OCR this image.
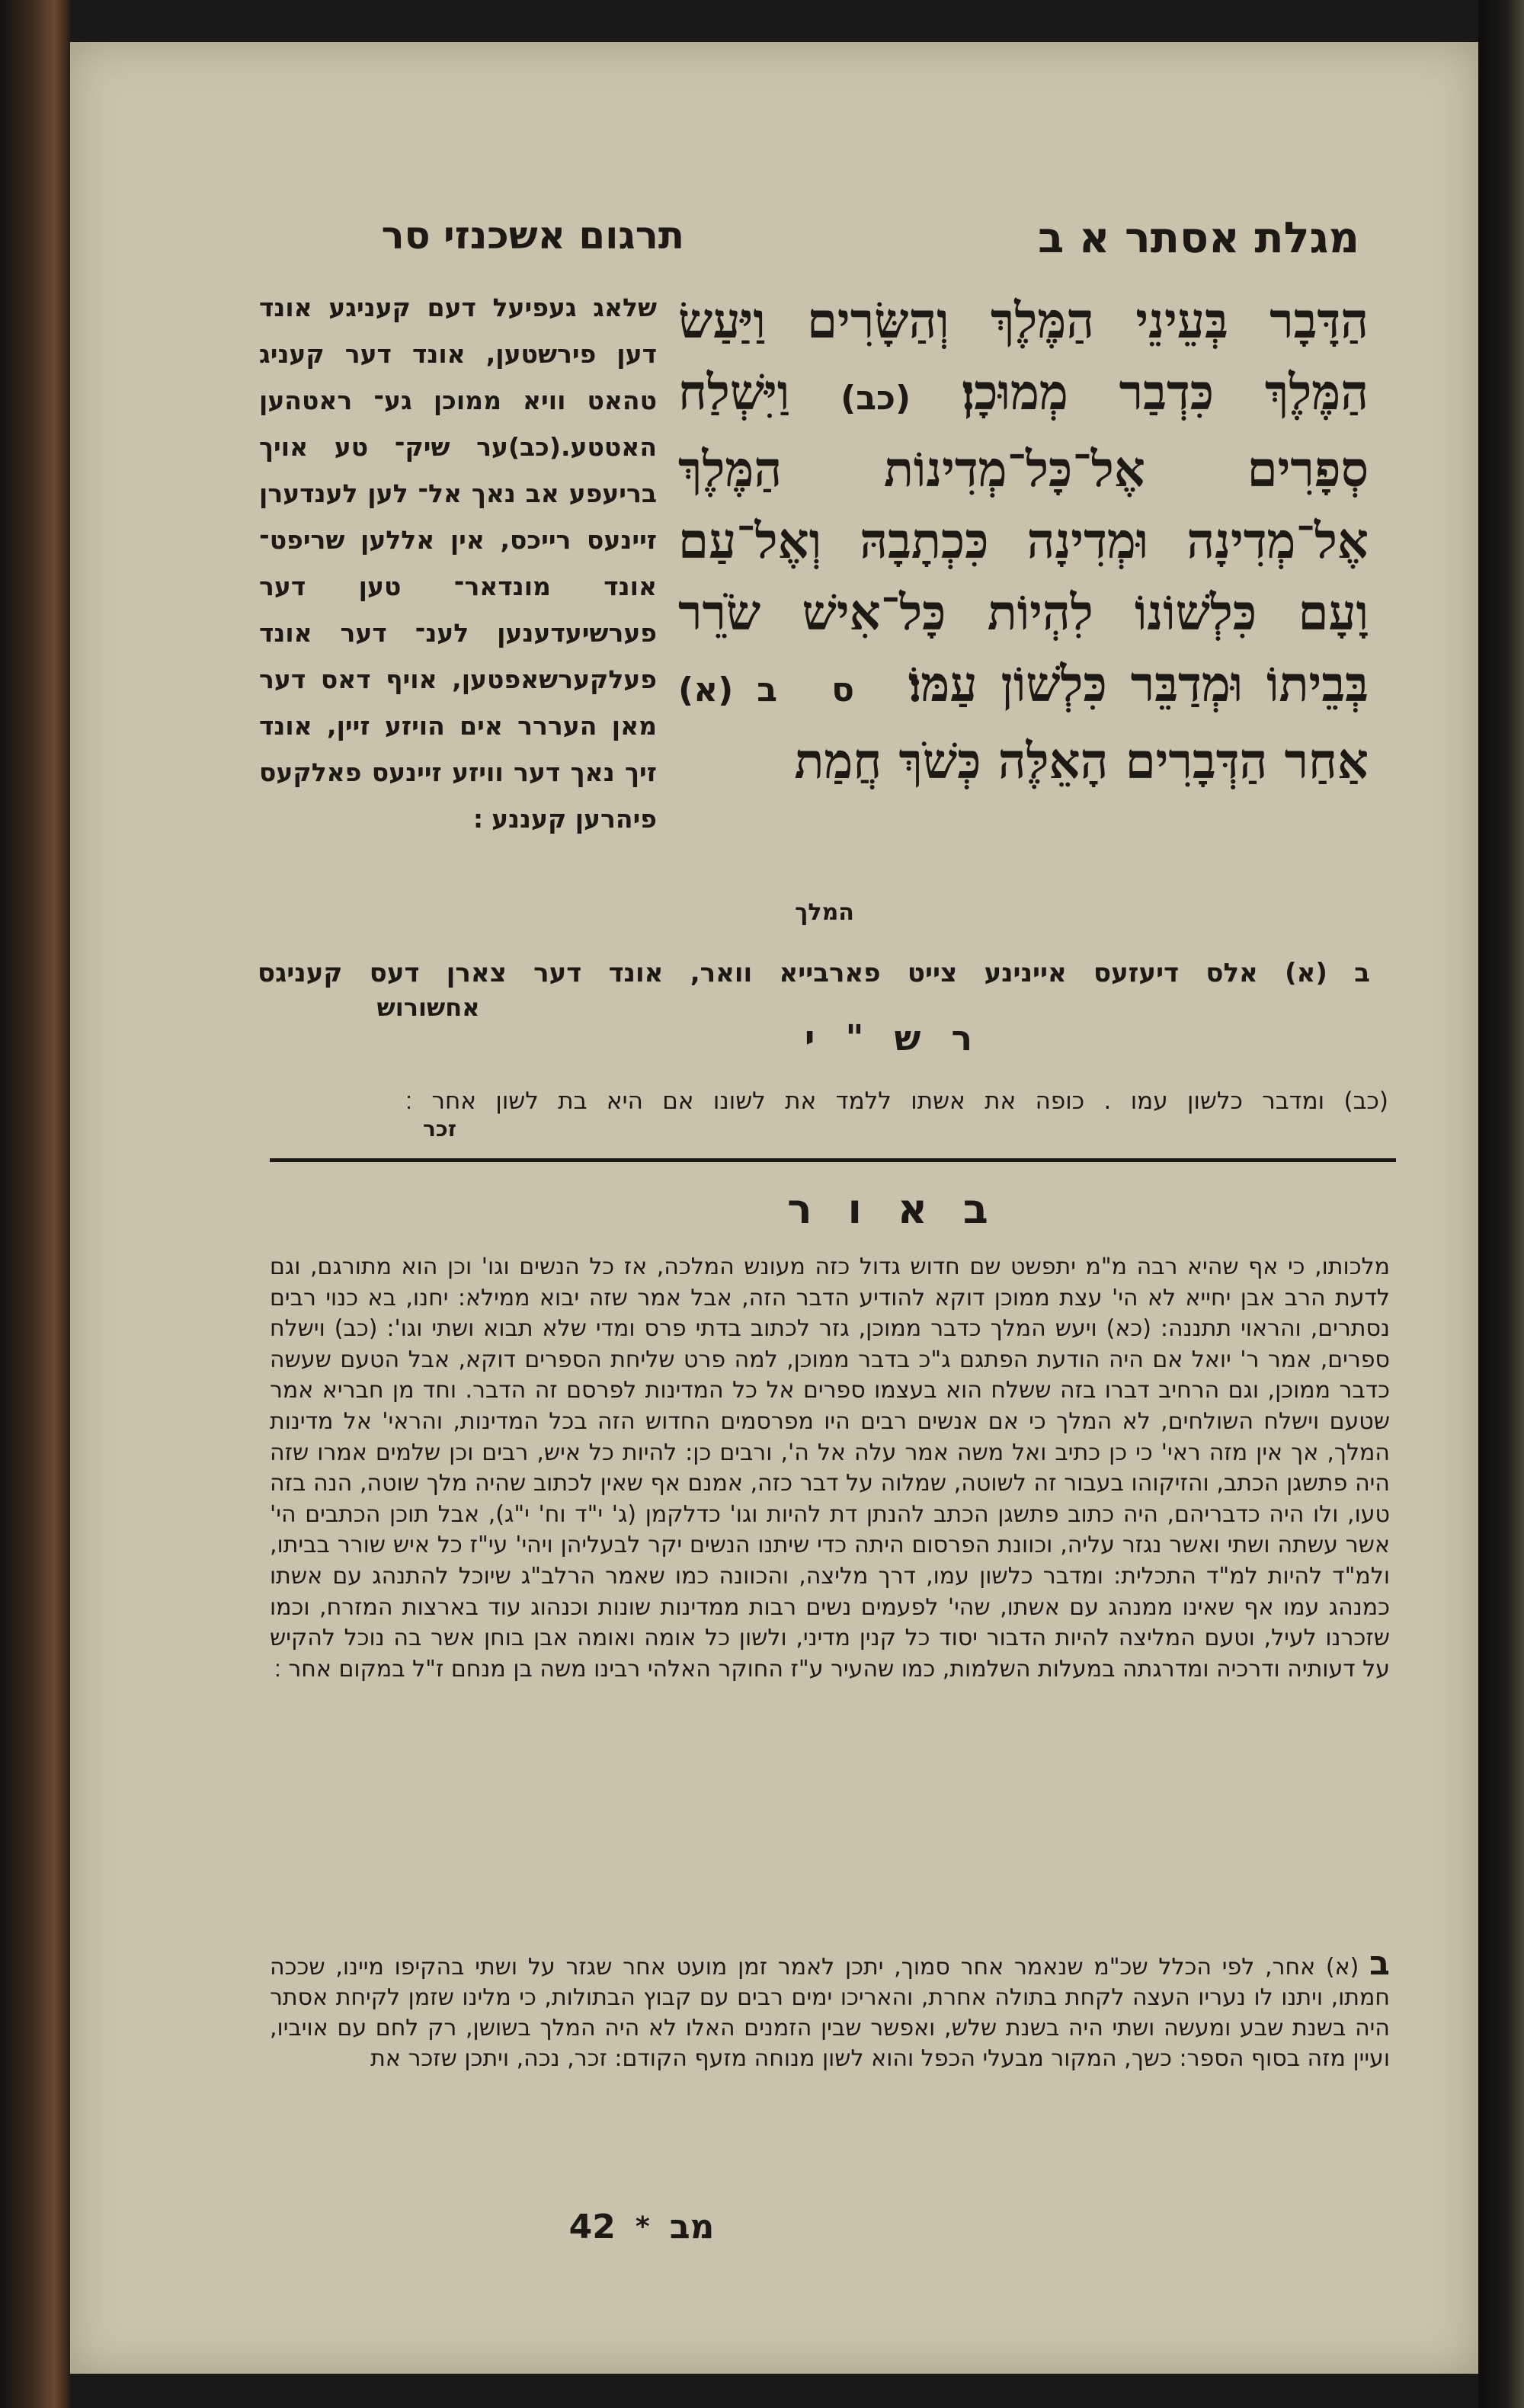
מגלת אסתר א ב
תרגום אשכנזי סר
הַדָּבָר בְּעֵינֵי הַמֶּלֶךְ וְהַשָּׂרִים וַיַּעַשׂ הַמֶּלֶךְ כִּדְבַר מְמוּכָן׃ (כב) וַיִּשְׁלַח סְפָרִים אֶל־כָּל־מְדִינוֹת הַמֶּלֶךְ אֶל־מְדִינָה וּמְדִינָה כִּכְתָבָהּ וְאֶל־עַם וָעָם כִּלְשׁוֹנוֹ לִהְיוֹת כָּל־אִישׁ שֹׂרֵר בְּבֵיתוֹ וּמְדַבֵּר כִּלְשׁוֹן עַמּוֹ׃ ס ב (א) אַחַר הַדְּבָרִים הָאֵלֶּה כְּשֹׁךְ חֲמַת
המלך
שלאג געפיעל דעם קעניגע אונד דען פירשטען, אונד דער קעניג טהאט וויא ממוכן גע־ ראטהען האטטע.(כב)ער שיק־ טע אויך בריעפע אב נאך אל־ לען לענדערן זיינעס רייכס, אין אללען שריפט־ אונד מונדאר־ טען דער פערשיעדענען לענ־ דער אונד פעלקערשאפטען, אויף דאס דער מאן העררר אים הויזע זיין, אונד זיך נאך דער וויזע זיינעס פאלקעס פיהרען קעננע ׃
ב (א) אלס דיעזעס איינינע צייט פארבייא וואר, אונד דער צארן דעס קעניגס
אחשורוש
ר ש " י
(כב) ומדבר כלשון עמו . כופה את אשתו ללמד את לשונו אם היא בת לשון אחר ׃
זכר
ב א ו ר
מלכותו, כי אף שהיא רבה מ"מ יתפשט שם חדוש גדול כזה מעונש המלכה, אז כל הנשים וגו' וכן הוא מתורגם, וגם לדעת הרב אבן יחייא לא הי' עצת ממוכן דוקא להודיע הדבר הזה, אבל אמר שזה יבוא ממילא: יחנו, בא כנוי רבים נסתרים, והראוי תתננה: (כא) ויעש המלך כדבר ממוכן, גזר לכתוב בדתי פרס ומדי שלא תבוא ושתי וגו': (כב) וישלח ספרים, אמר ר' יואל אם היה הודעת הפתגם ג"כ בדבר ממוכן, למה פרט שליחת הספרים דוקא, אבל הטעם שעשה כדבר ממוכן, וגם הרחיב דברו בזה ששלח הוא בעצמו ספרים אל כל המדינות לפרסם זה הדבר. וחד מן חבריא אמר שטעם וישלח השולחים, לא המלך כי אם אנשים רבים היו מפרסמים החדוש הזה בכל המדינות, והראי' אל מדינות המלך, אך אין מזה ראי' כי כן כתיב ואל משה אמר עלה אל ה', ורבים כן: להיות כל איש, רבים וכן שלמים אמרו שזה היה פתשגן הכתב, והזיקוהו בעבור זה לשוטה, שמלוה על דבר כזה, אמנם אף שאין לכתוב שהיה מלך שוטה, הנה בזה טעו, ולו היה כדבריהם, היה כתוב פתשגן הכתב להנתן דת להיות וגו' כדלקמן (ג' י"ד וח' י"ג), אבל תוכן הכתבים הי' אשר עשתה ושתי ואשר נגזר עליה, וכוונת הפרסום היתה כדי שיתנו הנשים יקר לבעליהן ויהי' עי"ז כל איש שורר בביתו, ולמ"ד להיות למ"ד התכלית: ומדבר כלשון עמו, דרך מליצה, והכוונה כמו שאמר הרלב"ג שיוכל להתנהג עם אשתו כמנהג עמו אף שאינו ממנהג עם אשתו, שהי' לפעמים נשים רבות ממדינות שונות וכנהוג עוד בארצות המזרח, וכמו שזכרנו לעיל, וטעם המליצה להיות הדבור יסוד כל קנין מדיני, ולשון כל אומה ואומה אבן בוחן אשר בה נוכל להקיש על דעותיה ודרכיה ומדרגתה במעלות השלמות, כמו שהעיר ע"ז החוקר האלהי רבינו משה בן מנחם ז"ל במקום אחר ׃
ב (א) אחר, לפי הכלל שכ"מ שנאמר אחר סמוך, יתכן לאמר זמן מועט אחר שגזר על ושתי בהקיפו מיינו, שככה חמתו, ויתנו לו נעריו העצה לקחת בתולה אחרת, והאריכו ימים רבים עם קבוץ הבתולות, כי מלינו שזמן לקיחת אסתר היה בשנת שבע ומעשה ושתי היה בשנת שלש, ואפשר שבין הזמנים האלו לא היה המלך בשושן, רק לחם עם אויביו, ועיין מזה בסוף הספר: כשך, המקור מבעלי הכפל והוא לשון מנוחה מזעף הקודם: זכר, נכה, ויתכן שזכר את
42 * מב
